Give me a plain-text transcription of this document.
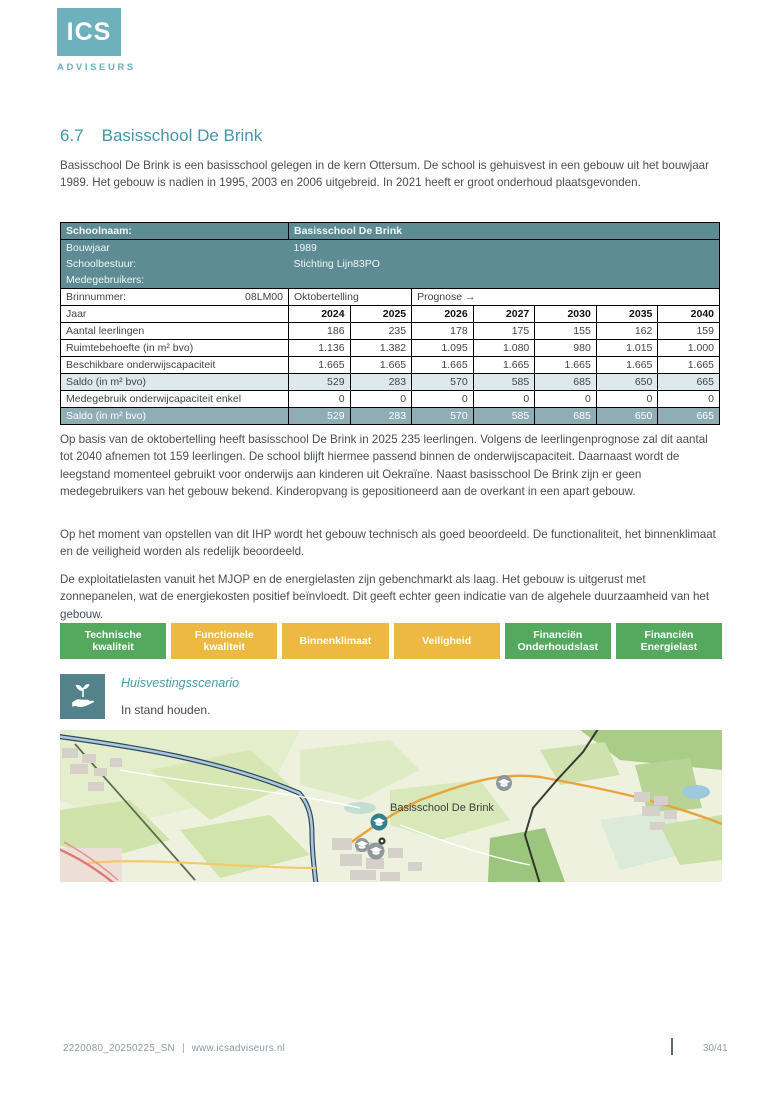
ICS
ADVISEURS
6.7 Basisschool De Brink
Basisschool De Brink is een basisschool gelegen in de kern Ottersum. De school is gehuisvest in een gebouw uit het bouwjaar 1989. Het gebouw is nadien in 1995, 2003 en 2006 uitgebreid. In 2021 heeft er groot onderhoud plaatsgevonden.
Schoolnaam:	Basisschool De Brink						
Bouwjaar	1989						
Schoolbestuur:	Stichting Lijn83PO						
Medegebruikers:							

Brinnummer: 08LM00	Oktobertelling		Prognose →				
Jaar	2024	2025	2026	2027	2030	2035	2040
Aantal leerlingen	186	235	178	175	155	162	159
Ruimtebehoefte (in m² bvo)	1.136	1.382	1.095	1.080	980	1.015	1.000
Beschikbare onderwijscapaciteit	1.665	1.665	1.665	1.665	1.665	1.665	1.665
Saldo (in m² bvo)	529	283	570	585	685	650	665
Medegebruik onderwijcapaciteit enkel	0	0	0	0	0	0	0
Saldo (in m² bvo)	529	283	570	585	685	650	665
Op basis van de oktobertelling heeft basisschool De Brink in 2025 235 leerlingen. Volgens de leerlingenprognose zal dit aantal tot 2040 afnemen tot 159 leerlingen. De school blijft hiermee passend binnen de onderwijscapaciteit. Daarnaast wordt de leegstand momenteel gebruikt voor onderwijs aan kinderen uit Oekraïne. Naast basisschool De Brink zijn er geen medegebruikers van het gebouw bekend. Kinderopvang is gepositioneerd aan de overkant in een apart gebouw.
Op het moment van opstellen van dit IHP wordt het gebouw technisch als goed beoordeeld. De functionaliteit, het binnenklimaat en de veiligheid worden als redelijk beoordeeld.
De exploitatielasten vanuit het MJOP en de energielasten zijn gebenchmarkt als laag. Het gebouw is uitgerust met zonnepanelen, wat de energiekosten positief beïnvloedt. Dit geeft echter geen indicatie van de algehele duurzaamheid van het gebouw.
Technische kwaliteit
Functionele kwaliteit
Binnenklimaat	Veiligheid
Financiën Onderhoudslast
Financiën Energielast
Huisvestingsscenario
In stand houden.
Basisschool De Brink
2220080_20250225_SN | www.icsadviseurs.nl	30/41
